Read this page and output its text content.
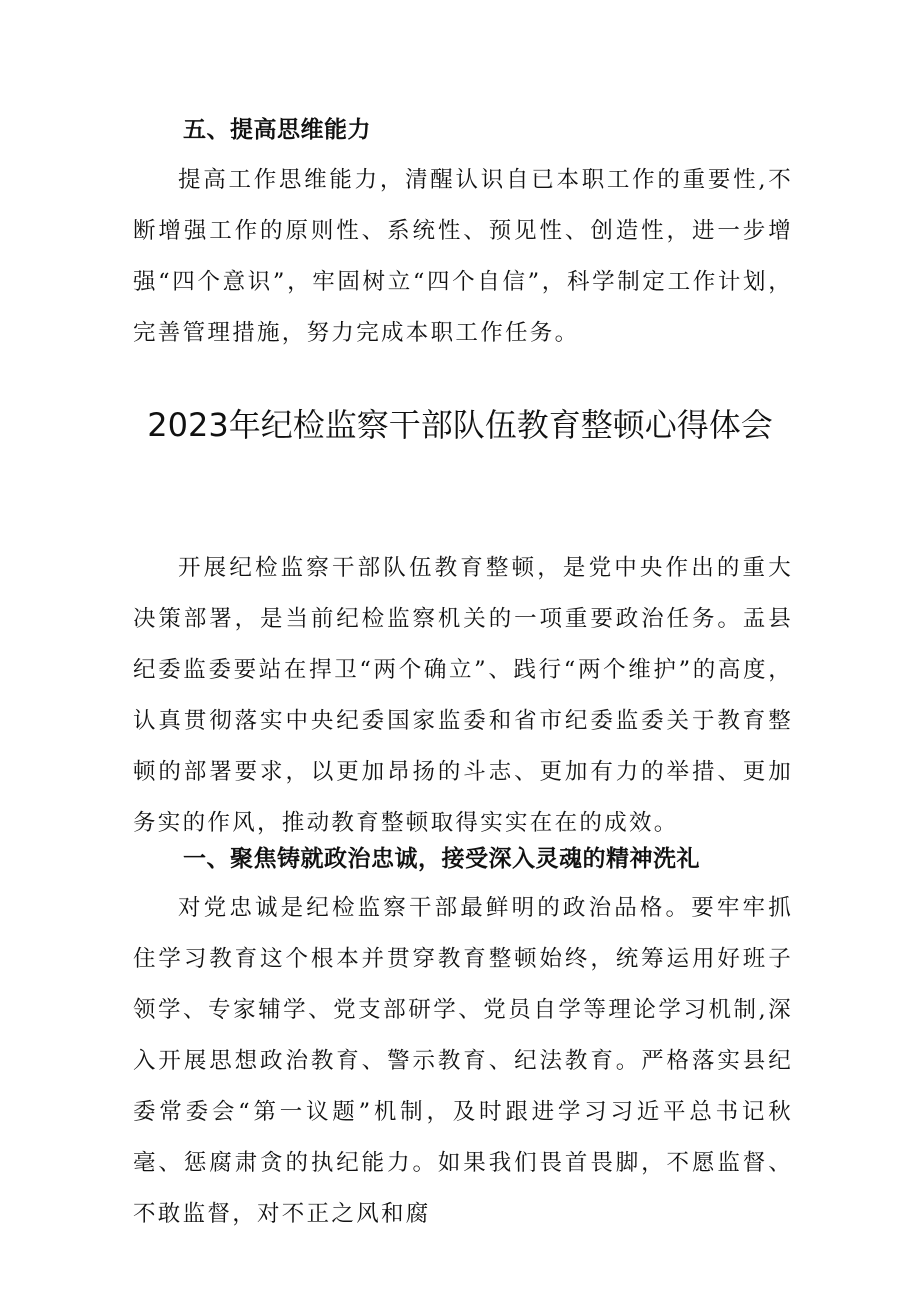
五、提高思维能力

提高工作思维能力，清醒认识自已本职工作的重要性,不断增强工作的原则性、系统性、预见性、创造性，进一步增强“四个意识”，牢固树立“四个自信”，科学制定工作计划，完善管理措施，努力完成本职工作任务。

2023年纪检监察干部队伍教育整顿心得体会

开展纪检监察干部队伍教育整顿，是党中央作出的重大决策部署，是当前纪检监察机关的一项重要政治任务。盂县纪委监委要站在捍卫“两个确立”、践行“两个维护”的高度，认真贯彻落实中央纪委国家监委和省市纪委监委关于教育整顿的部署要求，以更加昂扬的斗志、更加有力的举措、更加务实的作风，推动教育整顿取得实实在在的成效。

一、聚焦铸就政治忠诚，接受深入灵魂的精神洗礼

对党忠诚是纪检监察干部最鲜明的政治品格。要牢牢抓住学习教育这个根本并贯穿教育整顿始终，统筹运用好班子领学、专家辅学、党支部研学、党员自学等理论学习机制,深入开展思想政治教育、警示教育、纪法教育。严格落实县纪委常委会“第一议题”机制，及时跟进学习习近平总书记秋毫、惩腐肃贪的执纪能力。如果我们畏首畏脚，不愿监督、不敢监督，对不正之风和腐
